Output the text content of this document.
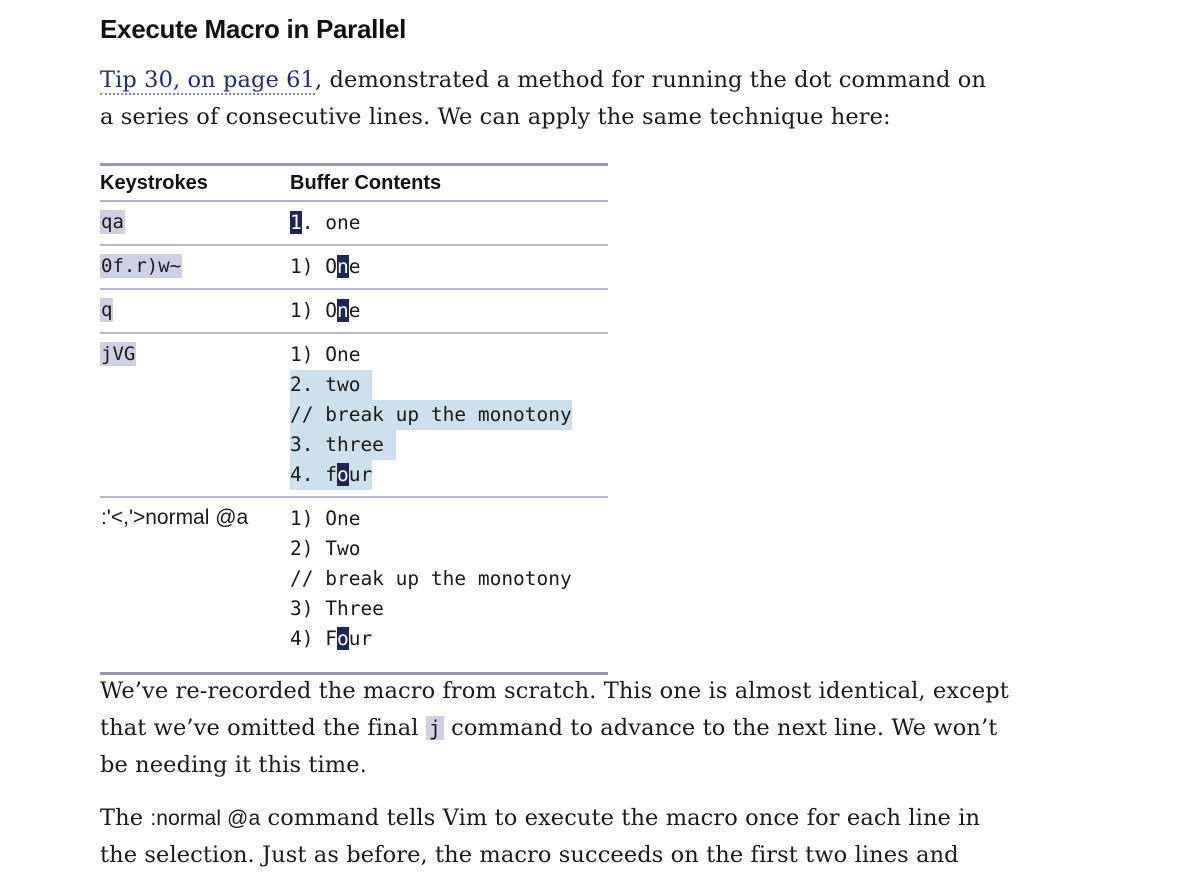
Execute Macro in Parallel

Tip 30, on page 61, demonstrated a method for running the dot command on
a series of consecutive lines. We can apply the same technique here:

Keystrokes	Buffer Contents
qa	1. one

0f.r)w~	1) One

q	1) One

jVG	1) One
2. two
// break up the monotony
3. three
4. four

:'<,'>normal @a	1) One
2) Two
// break up the monotony
3) Three
4) Four

We’ve re-recorded the macro from scratch. This one is almost identical, except
that we’ve omitted the final j command to advance to the next line. We won’t
be needing it this time.

The :normal @a command tells Vim to execute the macro once for each line in
the selection. Just as before, the macro succeeds on the first two lines and
